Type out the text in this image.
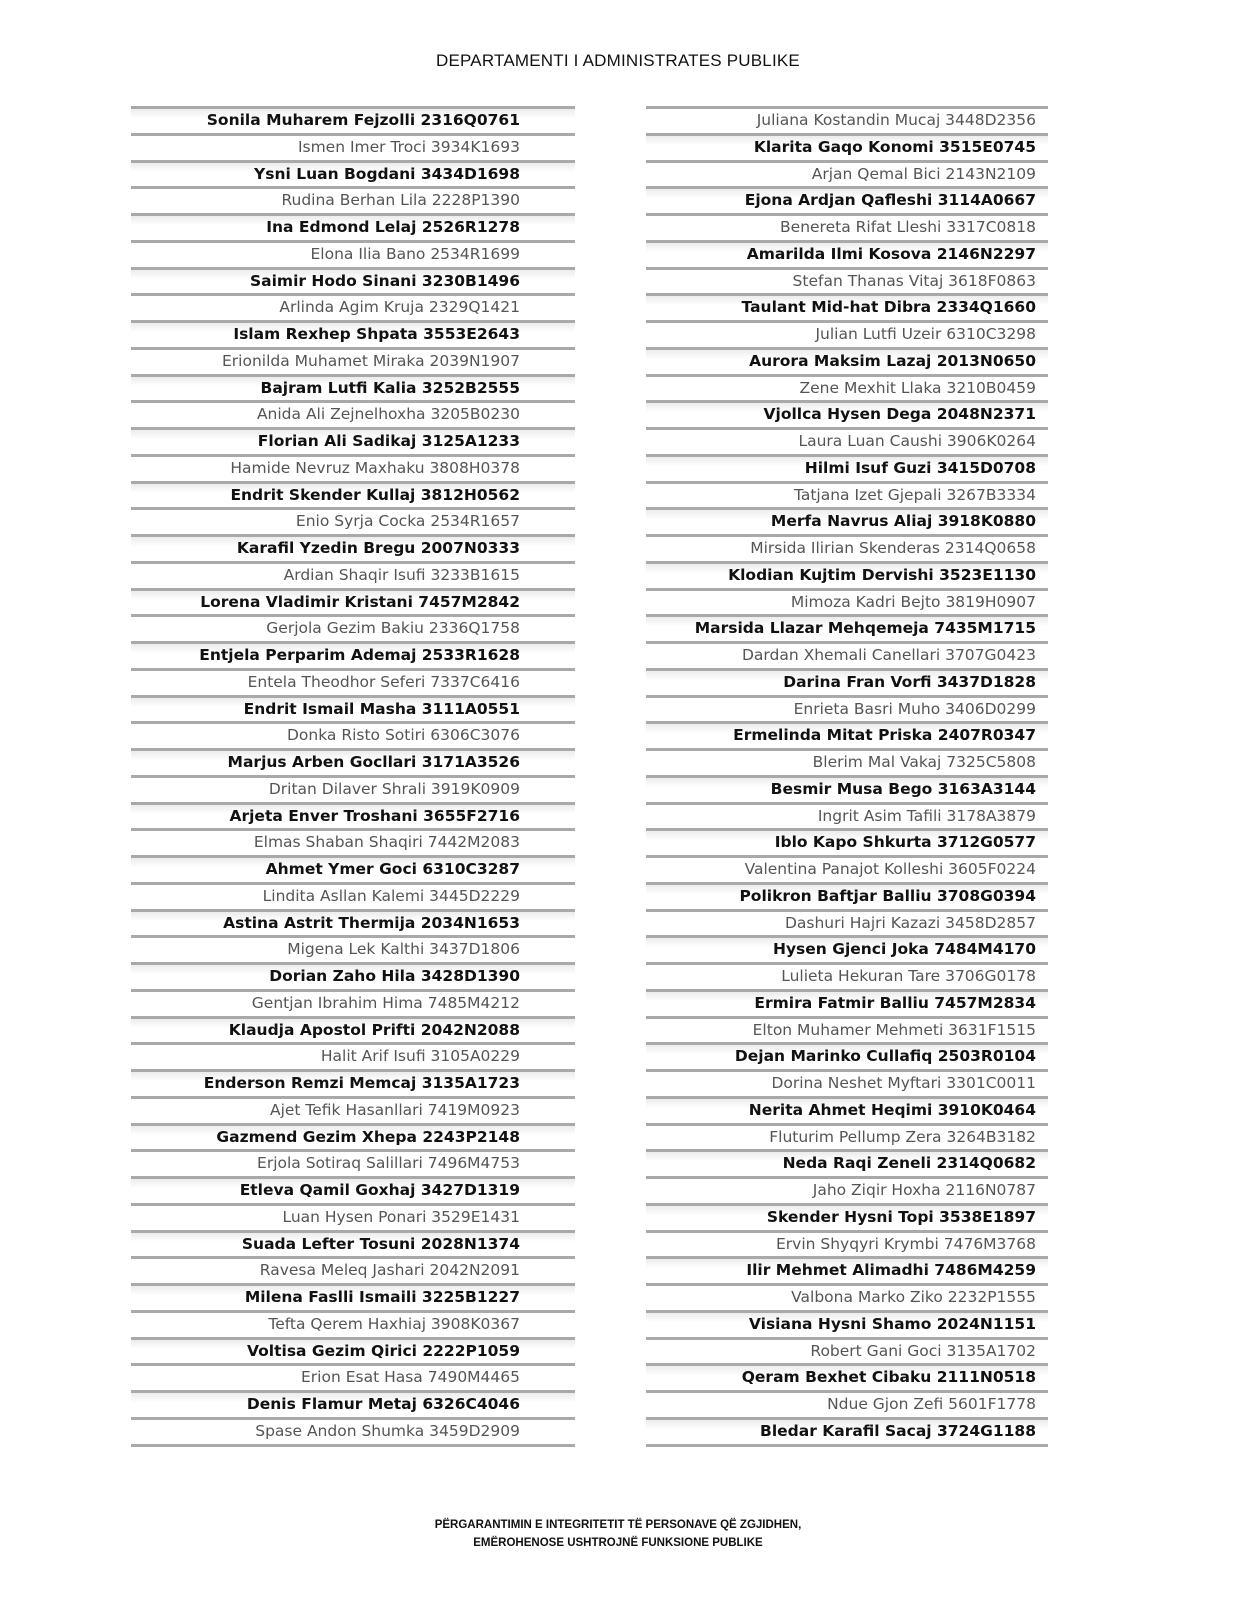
DEPARTAMENTI I ADMINISTRATES PUBLIKE
Sonila Muharem Fejzolli 2316Q0761
Ismen Imer Troci 3934K1693
Ysni Luan Bogdani 3434D1698
Rudina Berhan Lila 2228P1390
Ina Edmond Lelaj 2526R1278
Elona Ilia Bano 2534R1699
Saimir Hodo Sinani 3230B1496
Arlinda Agim Kruja 2329Q1421
Islam Rexhep Shpata 3553E2643
Erionilda Muhamet Miraka 2039N1907
Bajram Lutfi Kalia 3252B2555
Anida Ali Zejnelhoxha 3205B0230
Florian Ali Sadikaj 3125A1233
Hamide Nevruz Maxhaku 3808H0378
Endrit Skender Kullaj 3812H0562
Enio Syrja Cocka 2534R1657
Karafil Yzedin Bregu 2007N0333
Ardian Shaqir Isufi 3233B1615
Lorena Vladimir Kristani 7457M2842
Gerjola Gezim Bakiu 2336Q1758
Entjela Perparim Ademaj 2533R1628
Entela Theodhor Seferi 7337C6416
Endrit Ismail Masha 3111A0551
Donka Risto Sotiri 6306C3076
Marjus Arben Gocllari 3171A3526
Dritan Dilaver Shrali 3919K0909
Arjeta Enver Troshani 3655F2716
Elmas Shaban Shaqiri 7442M2083
Ahmet Ymer Goci 6310C3287
Lindita Asllan Kalemi 3445D2229
Astina Astrit Thermija 2034N1653
Migena Lek Kalthi 3437D1806
Dorian Zaho Hila 3428D1390
Gentjan Ibrahim Hima 7485M4212
Klaudja Apostol Prifti 2042N2088
Halit Arif Isufi 3105A0229
Enderson Remzi Memcaj 3135A1723
Ajet Tefik Hasanllari 7419M0923
Gazmend Gezim Xhepa 2243P2148
Erjola Sotiraq Salillari 7496M4753
Etleva Qamil Goxhaj 3427D1319
Luan Hysen Ponari 3529E1431
Suada Lefter Tosuni 2028N1374
Ravesa Meleq Jashari 2042N2091
Milena Faslli Ismaili 3225B1227
Tefta Qerem Haxhiaj 3908K0367
Voltisa Gezim Qirici 2222P1059
Erion Esat Hasa 7490M4465
Denis Flamur Metaj 6326C4046
Spase Andon Shumka 3459D2909
Juliana Kostandin Mucaj 3448D2356
Klarita Gaqo Konomi 3515E0745
Arjan Qemal Bici 2143N2109
Ejona Ardjan Qafleshi 3114A0667
Benereta Rifat Lleshi 3317C0818
Amarilda Ilmi Kosova 2146N2297
Stefan Thanas Vitaj 3618F0863
Taulant Mid-hat Dibra 2334Q1660
Julian Lutfi Uzeir 6310C3298
Aurora Maksim Lazaj 2013N0650
Zene Mexhit Llaka 3210B0459
Vjollca Hysen Dega 2048N2371
Laura Luan Caushi 3906K0264
Hilmi Isuf Guzi 3415D0708
Tatjana Izet Gjepali 3267B3334
Merfa Navrus Aliaj 3918K0880
Mirsida Ilirian Skenderas 2314Q0658
Klodian Kujtim Dervishi 3523E1130
Mimoza Kadri Bejto 3819H0907
Marsida Llazar Mehqemeja 7435M1715
Dardan Xhemali Canellari 3707G0423
Darina Fran Vorfi 3437D1828
Enrieta Basri Muho 3406D0299
Ermelinda Mitat Priska 2407R0347
Blerim Mal Vakaj 7325C5808
Besmir Musa Bego 3163A3144
Ingrit Asim Tafili 3178A3879
Iblo Kapo Shkurta 3712G0577
Valentina Panajot Kolleshi 3605F0224
Polikron Baftjar Balliu 3708G0394
Dashuri Hajri Kazazi 3458D2857
Hysen Gjenci Joka 7484M4170
Lulieta Hekuran Tare 3706G0178
Ermira Fatmir Balliu 7457M2834
Elton Muhamer Mehmeti 3631F1515
Dejan Marinko Cullafiq 2503R0104
Dorina Neshet Myftari 3301C0011
Nerita Ahmet Heqimi 3910K0464
Fluturim Pellump Zera 3264B3182
Neda Raqi Zeneli 2314Q0682
Jaho Ziqir Hoxha 2116N0787
Skender Hysni Topi 3538E1897
Ervin Shyqyri Krymbi 7476M3768
Ilir Mehmet Alimadhi 7486M4259
Valbona Marko Ziko 2232P1555
Visiana Hysni Shamo 2024N1151
Robert Gani Goci 3135A1702
Qeram Bexhet Cibaku 2111N0518
Ndue Gjon Zefi 5601F1778
Bledar Karafil Sacaj 3724G1188
PËRGARANTIMIN E INTEGRITETIT TË PERSONAVE QË ZGJIDHEN,
EMËROHENOSE USHTROJNË FUNKSIONE PUBLIKE
